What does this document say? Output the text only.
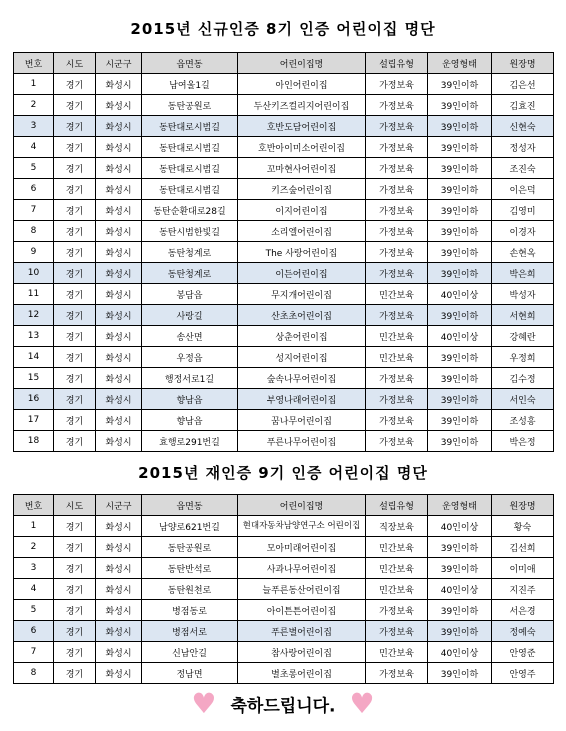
2015년 신규인증 8기 인증 어린이집 명단
번호	시도	시군구	읍면동	어린이집명	설립유형	운영형태	원장명
1	경기	화성시	남여울1길	아인어린이집	가정보육	39인이하	김은선
2	경기	화성시	동탄공원로	두산키즈컬리지어린이집	가정보육	39인이하	김효진
3	경기	화성시	동탄대로시범길	호반도담어린이집	가정보육	39인이하	신현숙
4	경기	화성시	동탄대로시범길	호반아이미소어린이집	가정보육	39인이하	정성자
5	경기	화성시	동탄대로시범길	꼬마현사어린이집	가정보육	39인이하	조진숙
6	경기	화성시	동탄대로시범길	키즈숲어린이집	가정보육	39인이하	이은덕
7	경기	화성시	동탄순환대로28길	이지어린이집	가정보육	39인이하	김영미
8	경기	화성시	동탄시범한빛길	소리엘어린이집	가정보육	39인이하	이경자
9	경기	화성시	동탄청계로	The 사랑어린이집	가정보육	39인이하	손현옥
10	경기	화성시	동탄청계로	이든어린이집	가정보육	39인이하	박은희
11	경기	화성시	봉담읍	무지개어린이집	민간보육	40인이상	박성자
12	경기	화성시	사랑길	산초초어린이집	가정보육	39인이하	서현희
13	경기	화성시	송산면	상춘어린이집	민간보육	40인이상	강혜란
14	경기	화성시	우정읍	성지어린이집	민간보육	39인이하	우정희
15	경기	화성시	행정서로1길	숲속나무어린이집	가정보육	39인이하	김수정
16	경기	화성시	향남읍	부영나래어린이집	가정보육	39인이하	서인숙
17	경기	화성시	향남읍	꿈나무어린이집	가정보육	39인이하	조성흥
18	경기	화성시	효행로291번길	푸른나무어린이집	가정보육	39인이하	박은정
2015년 재인증 9기 인증 어린이집 명단
번호	시도	시군구	읍면동	어린이집명	설립유형	운영형태	원장명
1	경기	화성시	남양로621번길	현대자동차남양연구소 어린이집	직장보육	40인이상	황숙
2	경기	화성시	동탄공원로	모아미래어린이집	민간보육	39인이하	김선희
3	경기	화성시	동탄반석로	사과나무어린이집	민간보육	39인이하	이미애
4	경기	화성시	동탄원천로	늘푸른동산어린이집	민간보육	40인이상	지진주
5	경기	화성시	병점동로	아이튼튼어린이집	가정보육	39인이하	서은경
6	경기	화성시	병점서로	푸른별어린이집	가정보육	39인이하	정예숙
7	경기	화성시	신남안길	참사랑어린이집	민간보육	40인이상	안영준
8	경기	화성시	정남면	별초롱어린이집	가정보육	39인이하	안영주
♥ 축하드립니다. ♥
